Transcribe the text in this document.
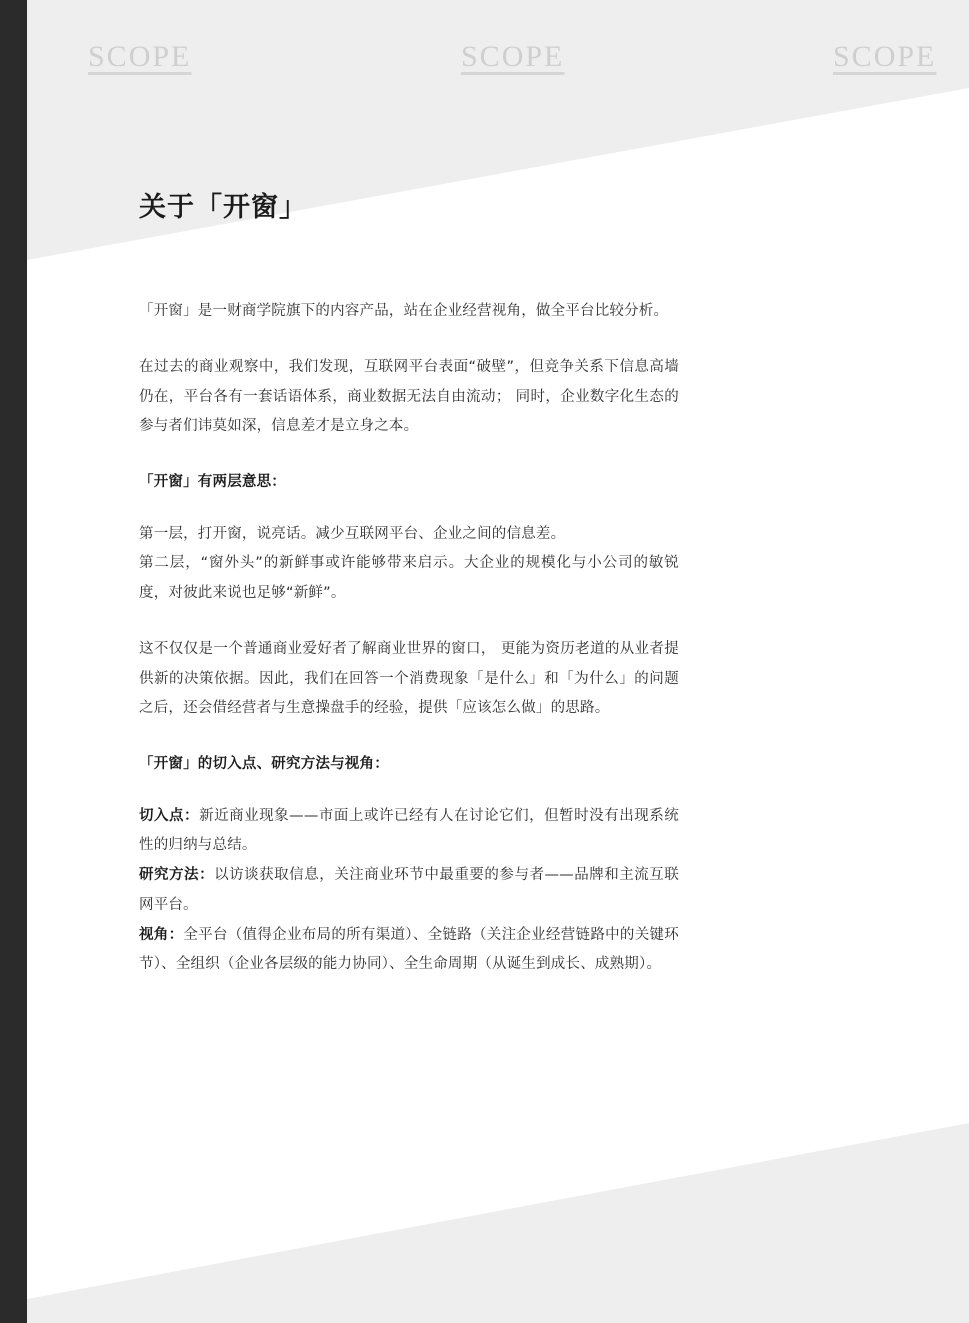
SCOPE	SCOPE	SCOPE
关于「开窗」

「开窗」是一财商学院旗下的内容产品，站在企业经营视角，做全平台比较分析。

在过去的商业观察中，我们发现，互联网平台表面“破壁”，但竞争关系下信息高墙仍在，平台各有一套话语体系，商业数据无法自由流动； 同时，企业数字化生态的参与者们讳莫如深，信息差才是立身之本。

「开窗」有两层意思：

第一层，打开窗，说亮话。减少互联网平台、企业之间的信息差。

第二层，“窗外头”的新鲜事或许能够带来启示。大企业的规模化与小公司的敏锐度，对彼此来说也足够“新鲜”。

这不仅仅是一个普通商业爱好者了解商业世界的窗口， 更能为资历老道的从业者提供新的决策依据。因此，我们在回答一个消费现象「是什么」和「为什么」的问题之后，还会借经营者与生意操盘手的经验，提供「应该怎么做」的思路。

「开窗」的切入点、研究方法与视角：

切入点：新近商业现象——市面上或许已经有人在讨论它们，但暂时没有出现系统性的归纳与总结。

研究方法：以访谈获取信息，关注商业环节中最重要的参与者——品牌和主流互联网平台。

视角：全平台（值得企业布局的所有渠道）、全链路（关注企业经营链路中的关键环节）、全组织（企业各层级的能力协同）、全生命周期（从诞生到成长、成熟期）。
